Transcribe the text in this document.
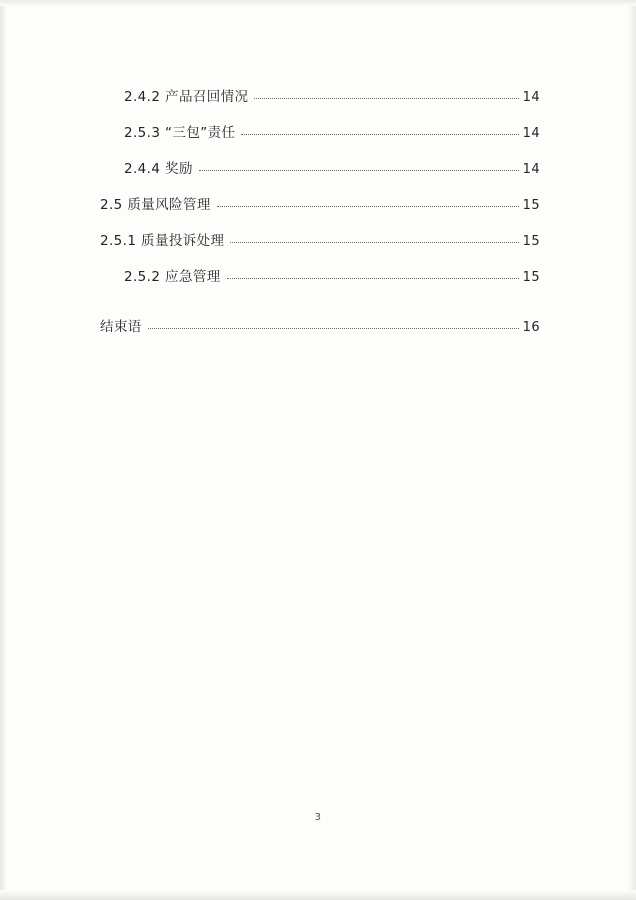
2.4.2 产品召回情况	14
2.5.3 “三包”责任	14
2.4.4 奖励	14
2.5 质量风险管理	15
2.5.1 质量投诉处理	15
2.5.2 应急管理	15
结束语	16
3
